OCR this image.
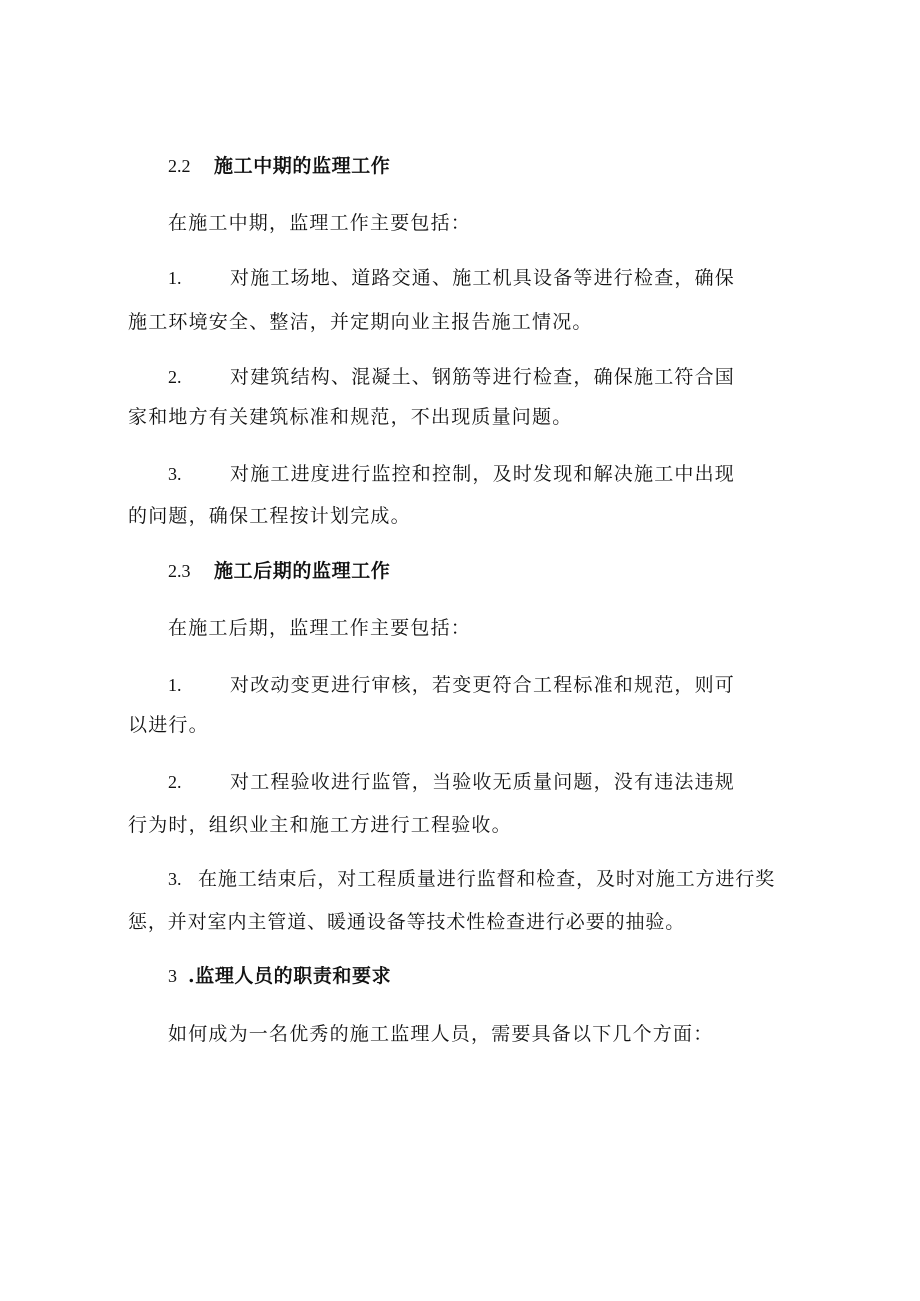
2.2 施工中期的监理工作
在施工中期，监理工作主要包括：
1.	对施工场地、道路交通、施工机具设备等进行检查，确保
施工环境安全、整洁，并定期向业主报告施工情况。
2.	对建筑结构、混凝土、钢筋等进行检查，确保施工符合国
家和地方有关建筑标准和规范，不出现质量问题。
3.	对施工进度进行监控和控制，及时发现和解决施工中出现
的问题，确保工程按计划完成。
2.3 施工后期的监理工作
在施工后期，监理工作主要包括：
1.	对改动变更进行审核，若变更符合工程标准和规范，则可
以进行。
2.	对工程验收进行监管，当验收无质量问题，没有违法违规
行为时，组织业主和施工方进行工程验收。
3. 在施工结束后，对工程质量进行监督和检查，及时对施工方进行奖
惩，并对室内主管道、暖通设备等技术性检查进行必要的抽验。
3 .监理人员的职责和要求
如何成为一名优秀的施工监理人员，需要具备以下几个方面：
